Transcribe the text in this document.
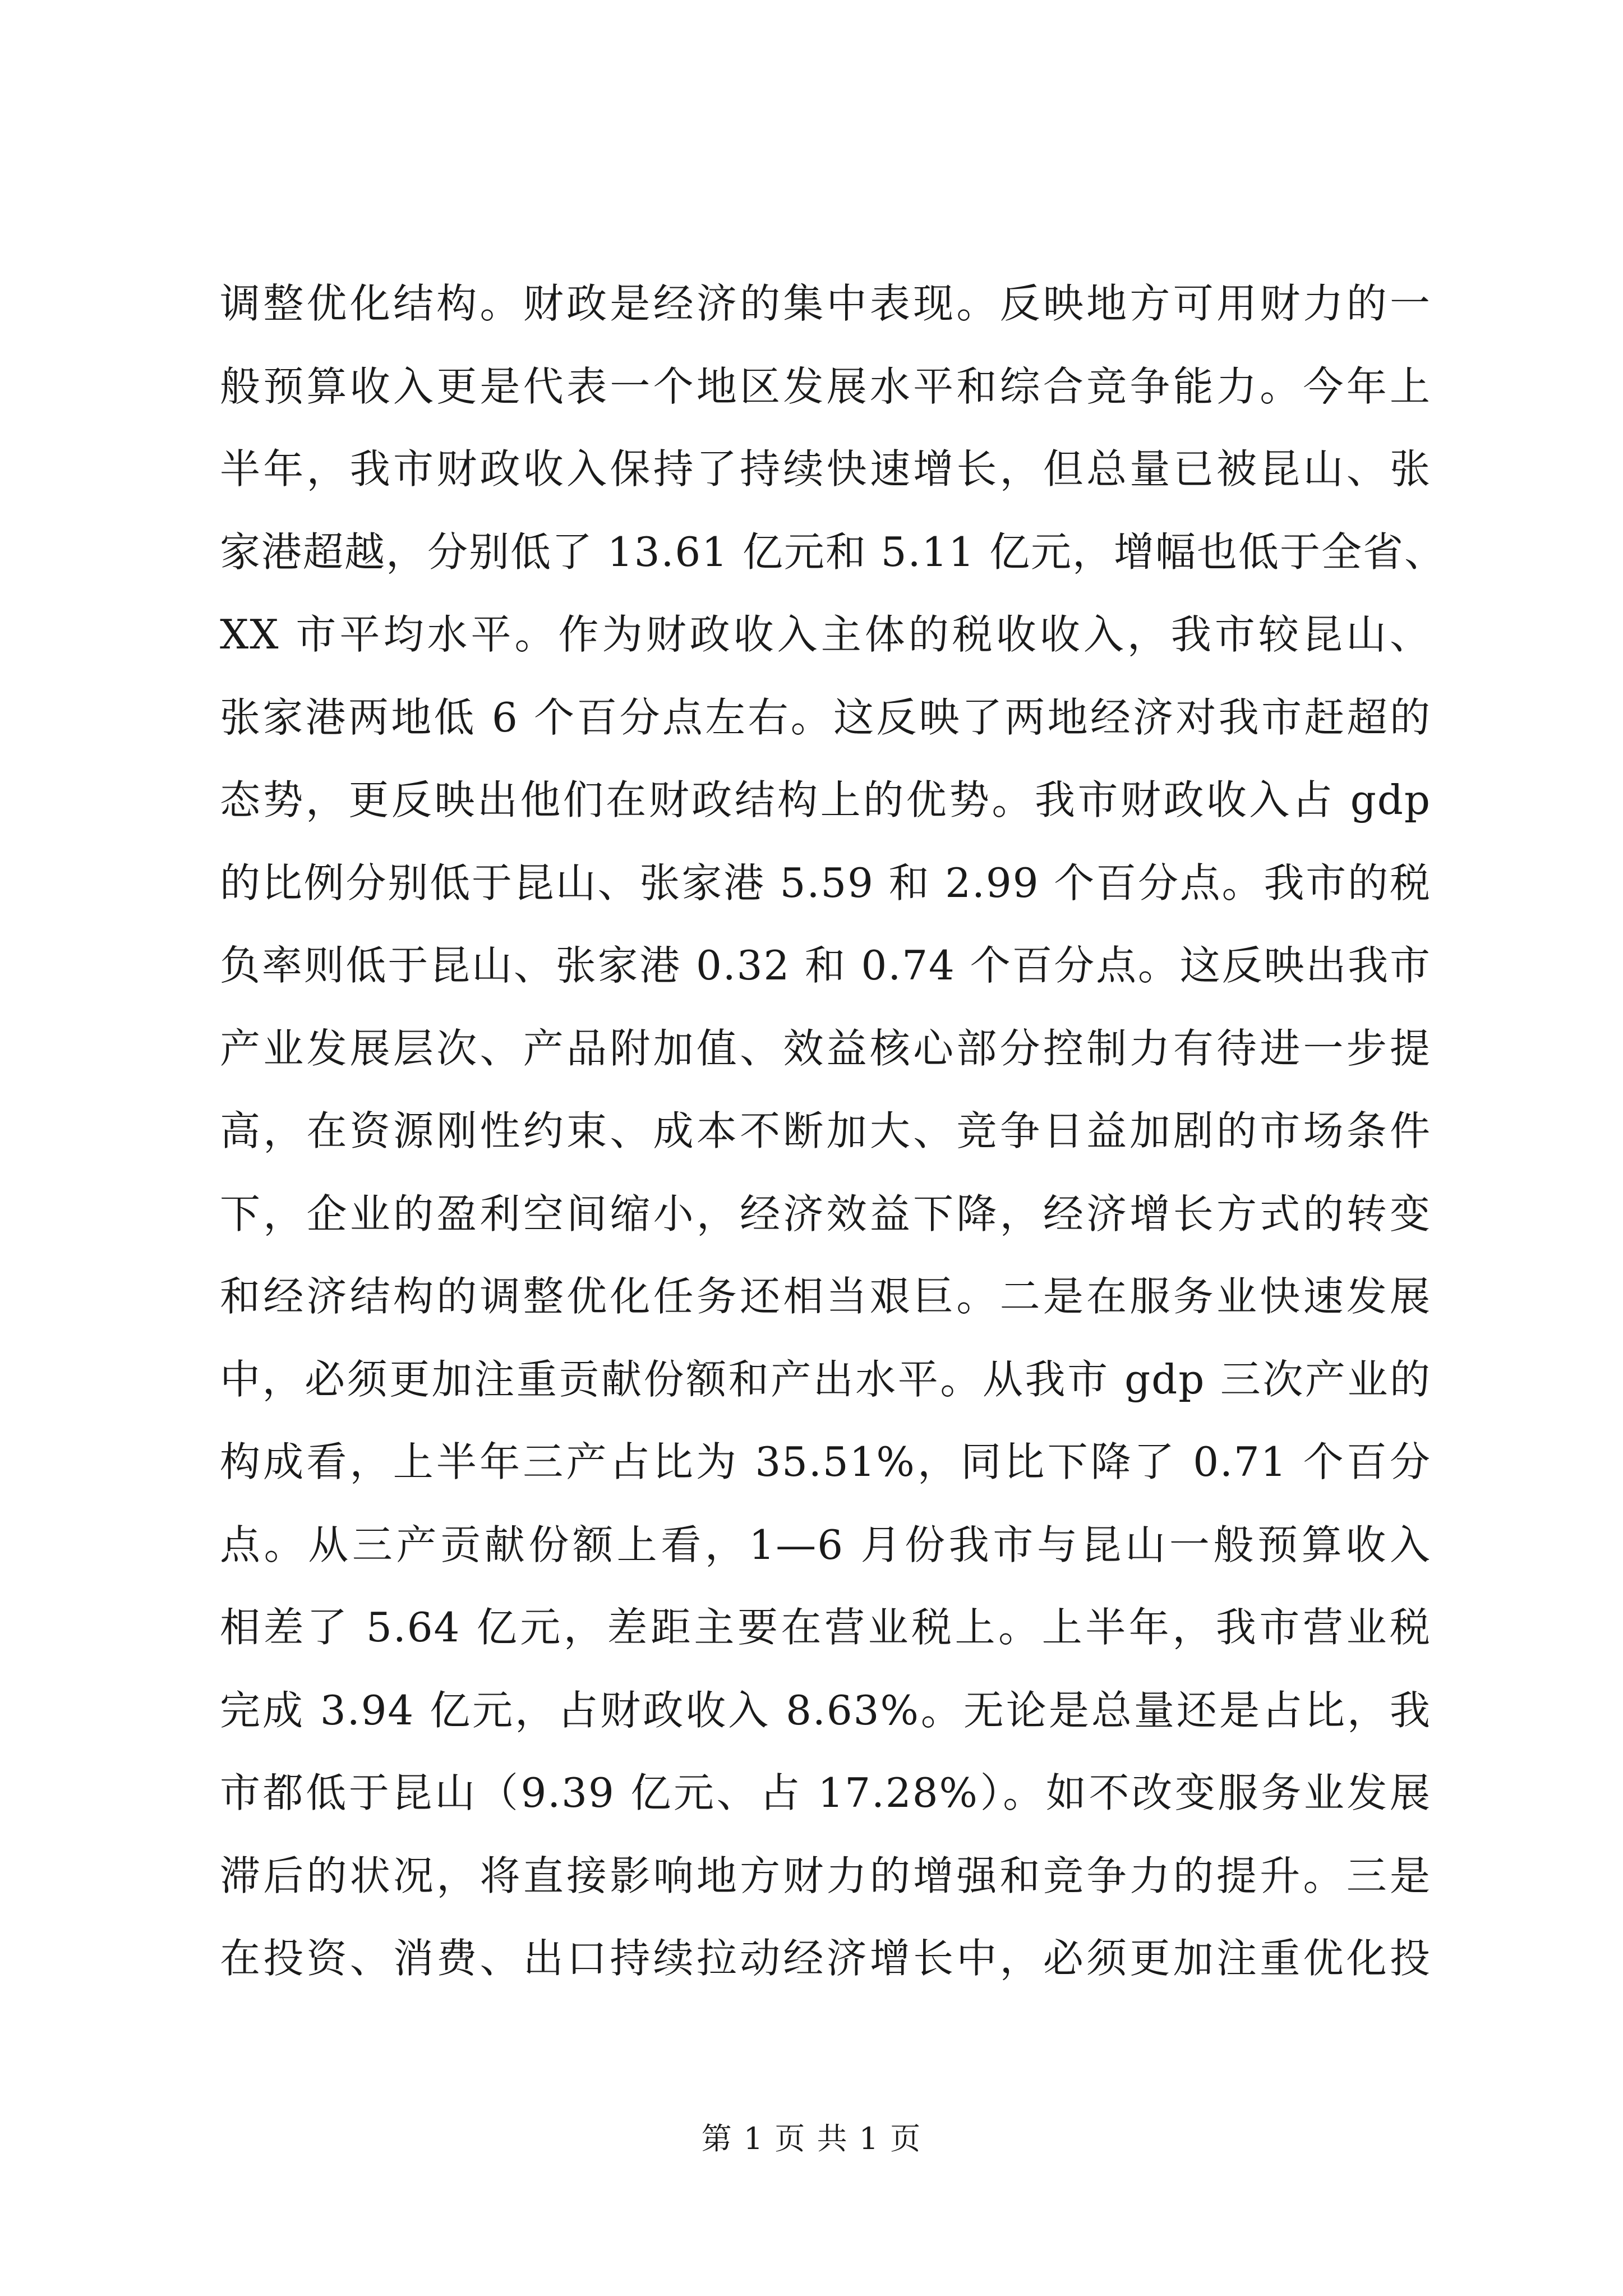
调整优化结构。财政是经济的集中表现。反映地方可用财力的一
般预算收入更是代表一个地区发展水平和综合竞争能力。今年上
半年，我市财政收入保持了持续快速增长，但总量已被昆山、张
家港超越，分别低了 13.61 亿元和 5.11 亿元，增幅也低于全省、
XX 市平均水平。作为财政收入主体的税收收入，我市较昆山、
张家港两地低 6 个百分点左右。这反映了两地经济对我市赶超的
态势，更反映出他们在财政结构上的优势。我市财政收入占 gdp
的比例分别低于昆山、张家港 5.59 和 2.99 个百分点。我市的税
负率则低于昆山、张家港 0.32 和 0.74 个百分点。这反映出我市
产业发展层次、产品附加值、效益核心部分控制力有待进一步提
高，在资源刚性约束、成本不断加大、竞争日益加剧的市场条件
下，企业的盈利空间缩小，经济效益下降，经济增长方式的转变
和经济结构的调整优化任务还相当艰巨。二是在服务业快速发展
中，必须更加注重贡献份额和产出水平。从我市 gdp 三次产业的
构成看，上半年三产占比为 35.51%，同比下降了 0.71 个百分
点。从三产贡献份额上看，1—6 月份我市与昆山一般预算收入
相差了 5.64 亿元，差距主要在营业税上。上半年，我市营业税
完成 3.94 亿元，占财政收入 8.63%。无论是总量还是占比，我
市都低于昆山（9.39 亿元、占 17.28%）。如不改变服务业发展
滞后的状况，将直接影响地方财力的增强和竞争力的提升。三是
在投资、消费、出口持续拉动经济增长中，必须更加注重优化投
第 1 页 共 1 页
